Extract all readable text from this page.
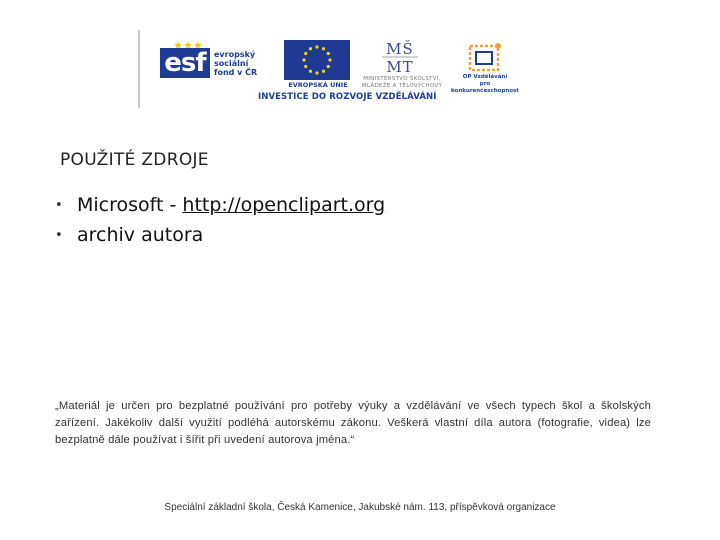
esf	evropský
sociální
fond v ČR
EVROPSKÁ UNIE
MŠ
MT
MINISTERSTVO ŠKOLSTVÍ,
MLÁDEŽE A TĚLOVÝCHOVY
OP Vzdělávání
pro konkurenceschopnost
INVESTICE DO ROZVOJE VZDĚLÁVÁNÍ
POUŽITÉ ZDROJE
• Microsoft - http://openclipart.org
• archiv autora
„Materiál je určen pro bezplatné používání pro potřeby výuky a vzdělávání ve všech typech škol a školských zařízení. Jakékoliv další využití podléhá autorskému zákonu. Veškerá vlastní díla autora (fotografie, videa) lze bezplatně dále používat i šířit při uvedení autorova jména.“
Speciální základní škola, Česká Kamenice, Jakubské nám. 113, příspěvková organizace
